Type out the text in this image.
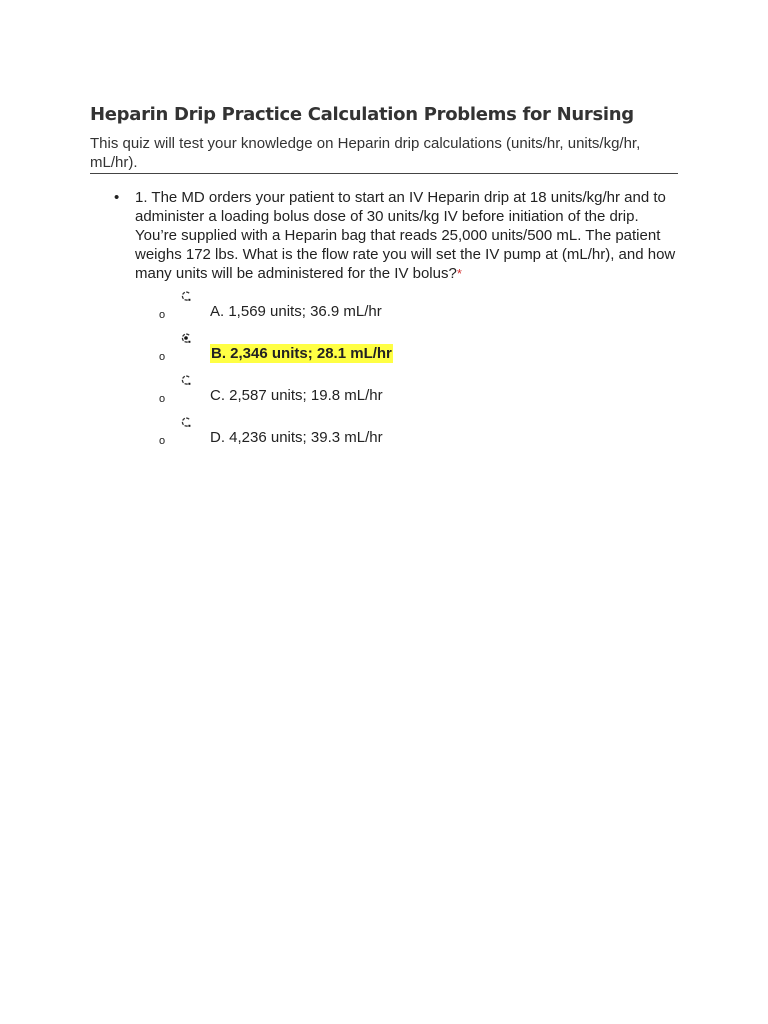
Heparin Drip Practice Calculation Problems for Nursing

This quiz will test your knowledge on Heparin drip calculations (units/hr, units/kg/hr, mL/hr).

• 1. The MD orders your patient to start an IV Heparin drip at 18 units/kg/hr and to administer a loading bolus dose of 30 units/kg IV before initiation of the drip. You’re supplied with a Heparin bag that reads 25,000 units/500 mL. The patient weighs 172 lbs. What is the flow rate you will set the IV pump at (mL/hr), and how many units will be administered for the IV bolus?*

o	A. 1,569 units; 36.9 mL/hr
o	B. 2,346 units; 28.1 mL/hr
o	C. 2,587 units; 19.8 mL/hr
o	D. 4,236 units; 39.3 mL/hr
